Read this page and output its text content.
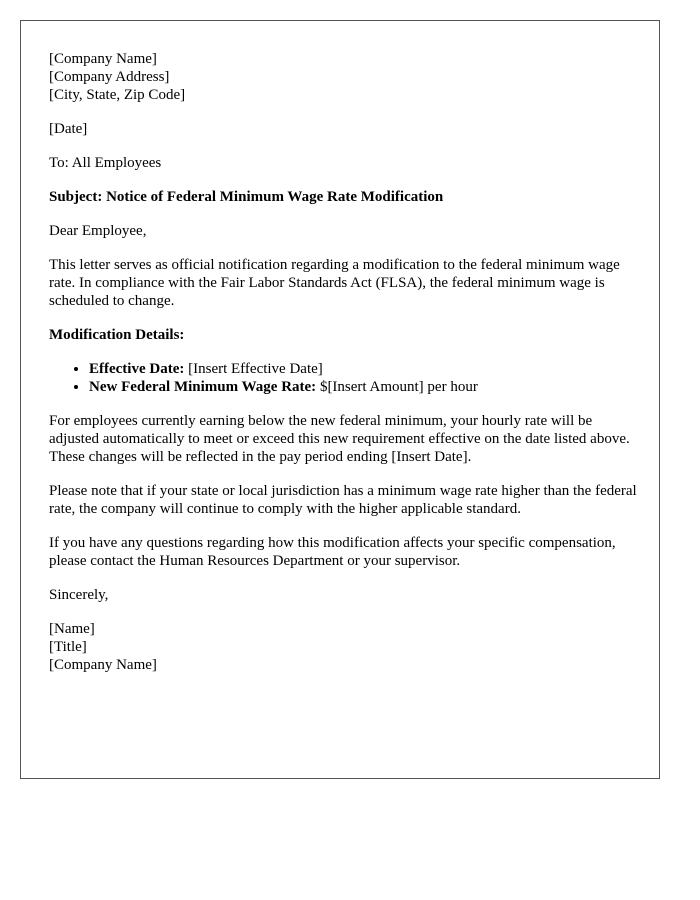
[Company Name]
[Company Address]
[City, State, Zip Code]
[Date]
To: All Employees
Subject: Notice of Federal Minimum Wage Rate Modification
Dear Employee,
This letter serves as official notification regarding a modification to the federal minimum wage rate. In compliance with the Fair Labor Standards Act (FLSA), the federal minimum wage is scheduled to change.
Modification Details:
• Effective Date: [Insert Effective Date]
• New Federal Minimum Wage Rate: $[Insert Amount] per hour
For employees currently earning below the new federal minimum, your hourly rate will be adjusted automatically to meet or exceed this new requirement effective on the date listed above. These changes will be reflected in the pay period ending [Insert Date].
Please note that if your state or local jurisdiction has a minimum wage rate higher than the federal rate, the company will continue to comply with the higher applicable standard.
If you have any questions regarding how this modification affects your specific compensation, please contact the Human Resources Department or your supervisor.
Sincerely,
[Name]
[Title]
[Company Name]
